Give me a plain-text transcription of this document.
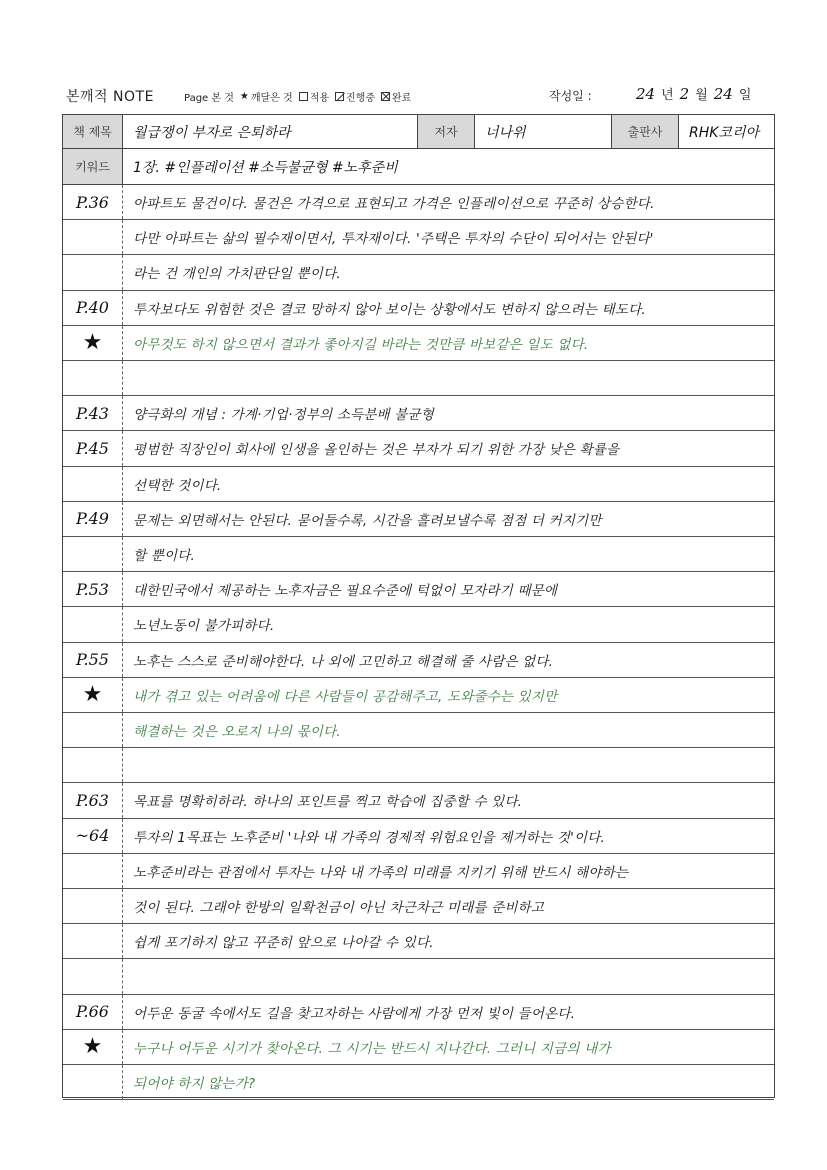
본깨적 NOTE	Page 본 것 ★ 깨달은 것 적용 진행중 완료	작성일 :	24 년 2 월 24 일
책 제목	월급쟁이 부자로 은퇴하라	저자	너나위	출판사	RHK코리아
키워드	1장. #인플레이션 #소득불균형 #노후준비
P.36	아파트도 물건이다. 물건은 가격으로 표현되고 가격은 인플레이션으로 꾸준히 상승한다.
다만 아파트는 삶의 필수재이면서, 투자재이다. '주택은 투자의 수단이 되어서는 안된다'
라는 건 개인의 가치판단일 뿐이다.
P.40	투자보다도 위험한 것은 결코 망하지 않아 보이는 상황에서도 변하지 않으려는 태도다.
★ 아무것도 하지 않으면서 결과가 좋아지길 바라는 것만큼 바보같은 일도 없다.
P.43	양극화의 개념 : 가계·기업·정부의 소득분배 불균형
P.45	평범한 직장인이 회사에 인생을 올인하는 것은 부자가 되기 위한 가장 낮은 확률을
선택한 것이다.
P.49	문제는 외면해서는 안된다. 묻어둘수록, 시간을 흘려보낼수록 점점 더 커지기만
할 뿐이다.
P.53	대한민국에서 제공하는 노후자금은 필요수준에 턱없이 모자라기 때문에
노년노동이 불가피하다.
P.55	노후는 스스로 준비해야한다. 나 외에 고민하고 해결해 줄 사람은 없다.
★ 내가 겪고 있는 어려움에 다른 사람들이 공감해주고, 도와줄수는 있지만
해결하는 것은 오로지 나의 몫이다.
P.63	목표를 명확히하라. 하나의 포인트를 찍고 학습에 집중할 수 있다.
~64	투자의 1목표는 노후준비 '나와 내 가족의 경제적 위험요인을 제거하는 것'이다.
노후준비라는 관점에서 투자는 나와 내 가족의 미래를 지키기 위해 반드시 해야하는
것이 된다. 그래야 한방의 일확천금이 아닌 차근차근 미래를 준비하고
쉽게 포기하지 않고 꾸준히 앞으로 나아갈 수 있다.
P.66	어두운 동굴 속에서도 길을 찾고자하는 사람에게 가장 먼저 빛이 들어온다.
★ 누구나 어두운 시기가 찾아온다. 그 시기는 반드시 지나간다. 그러니 지금의 내가
되어야 하지 않는가?
